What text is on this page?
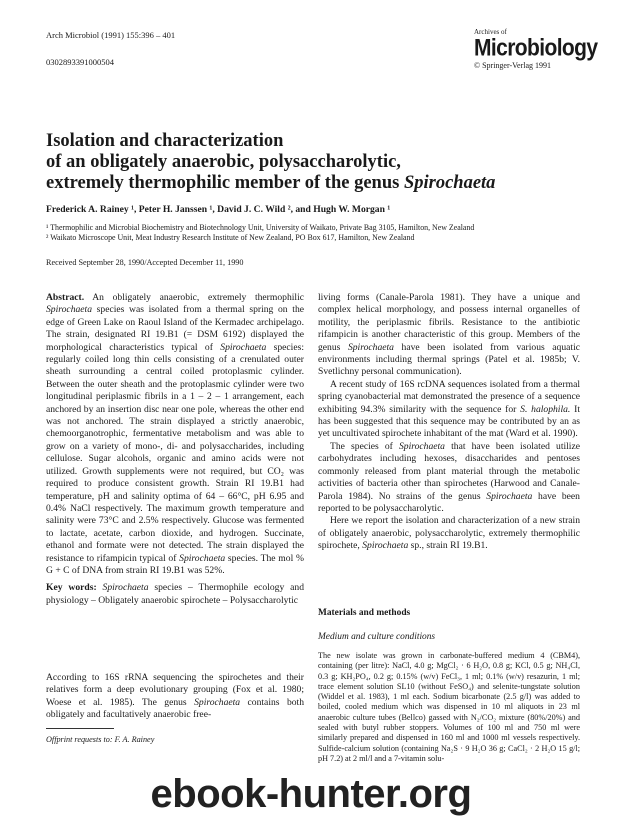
Arch Microbiol (1991) 155:396 – 401
0302893391000504
Archives of
Microbiology
© Springer-Verlag 1991
Isolation and characterization
of an obligately anaerobic, polysaccharolytic,
extremely thermophilic member of the genus Spirochaeta
Frederick A. Rainey ¹, Peter H. Janssen ¹, David J. C. Wild ², and Hugh W. Morgan ¹
¹ Thermophilic and Microbial Biochemistry and Biotechnology Unit, University of Waikato, Private Bag 3105, Hamilton, New Zealand
² Waikato Microscope Unit, Meat Industry Research Institute of New Zealand, PO Box 617, Hamilton, New Zealand
Received September 28, 1990/Accepted December 11, 1990

Abstract. An obligately anaerobic, extremely thermophilic Spirochaeta species was isolated from a thermal spring on the edge of Green Lake on Raoul Island of the Kermadec archipelago. The strain, designated RI 19.B1 (= DSM 6192) displayed the morphological characteristics typical of Spirochaeta species: regularly coiled long thin cells consisting of a crenulated outer sheath surrounding a central coiled protoplasmic cylinder. Between the outer sheath and the protoplasmic cylinder were two longitudinal periplasmic fibrils in a 1 – 2 – 1 arrangement, each anchored by an insertion disc near one pole, whereas the other end was not anchored. The strain displayed a strictly anaerobic, chemoorganotrophic, fermentative metabolism and was able to grow on a variety of mono-, di- and polysaccharides, including cellulose. Sugar alcohols, organic and amino acids were not utilized. Growth supplements were not required, but CO₂ was required to produce consistent growth. Strain RI 19.B1 had temperature, pH and salinity optima of 64 – 66°C, pH 6.95 and 0.4% NaCl respectively. The maximum growth temperature and salinity were 73°C and 2.5% respectively. Glucose was fermented to lactate, acetate, carbon dioxide, and hydrogen. Succinate, ethanol and formate were not detected. The strain displayed the resistance to rifampicin typical of Spirochaeta species. The mol % G + C of DNA from strain RI 19.B1 was 52%.

Key words: Spirochaeta species – Thermophile ecology and physiology – Obligately anaerobic spirochete – Polysaccharolytic

According to 16S rRNA sequencing the spirochetes and their relatives form a deep evolutionary grouping (Fox et al. 1980; Woese et al. 1985). The genus Spirochaeta contains both obligately and facultatively anaerobic free-

Offprint requests to: F. A. Rainey

living forms (Canale-Parola 1981). They have a unique and complex helical morphology, and possess internal organelles of motility, the periplasmic fibrils. Resistance to the antibiotic rifampicin is another characteristic of this group. Members of the genus Spirochaeta have been isolated from various aquatic environments including thermal springs (Patel et al. 1985b; V. Svetlichny personal communication).

A recent study of 16S rcDNA sequences isolated from a thermal spring cyanobacterial mat demonstrated the presence of a sequence exhibiting 94.3% similarity with the sequence for S. halophila. It has been suggested that this sequence may be contributed by an as yet uncultivated spirochete inhabitant of the mat (Ward et al. 1990).

The species of Spirochaeta that have been isolated utilize carbohydrates including hexoses, disaccharides and pentoses commonly released from plant material through the metabolic activities of bacteria other than spirochetes (Harwood and Canale-Parola 1984). No strains of the genus Spirochaeta have been reported to be polysaccharolytic.

Here we report the isolation and characterization of a new strain of obligately anaerobic, polysaccharolytic, extremely thermophilic spirochete, Spirochaeta sp., strain RI 19.B1.

Materials and methods
Medium and culture conditions
The new isolate was grown in carbonate-buffered medium 4 (CBM4), containing (per litre): NaCl, 4.0 g; MgCl₂ · 6 H₂O, 0.8 g; KCl, 0.5 g; NH₄Cl, 0.3 g; KH₂PO₄, 0.2 g; 0.15% (w/v) FeCl₃, 1 ml; 0.1% (w/v) resazurin, 1 ml; trace element solution SL10 (without FeSO₄) and selenite-tungstate solution (Widdel et al. 1983), 1 ml each. Sodium bicarbonate (2.5 g/l) was added to boiled, cooled medium which was dispensed in 10 ml aliquots in 23 ml anaerobic culture tubes (Bellco) gassed with N₂/CO₂ mixture (80%/20%) and sealed with butyl rubber stoppers. Volumes of 100 ml and 750 ml were similarly prepared and dispensed in 160 ml and 1000 ml vessels respectively. Sulfide-calcium solution (containing Na₂S · 9 H₂O 36 g; CaCl₂ · 2 H₂O 15 g/l; pH 7.2) at 2 ml/l and a 7-vitamin solu-
ebook-hunter.org
